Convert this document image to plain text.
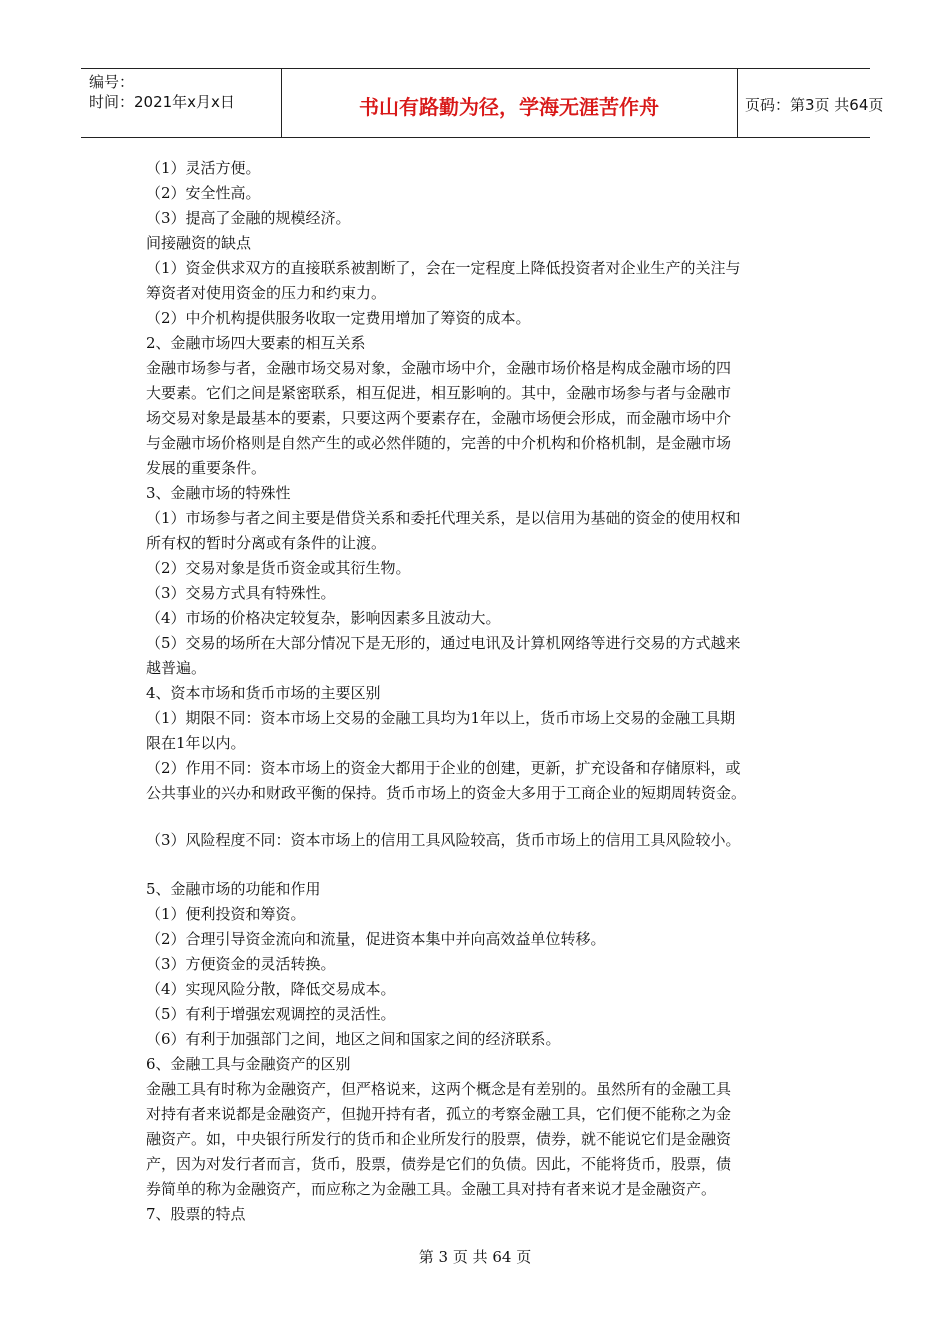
编号：
时间：2021年x月x日	书山有路勤为径，学海无涯苦作舟	页码：第3页 共64页
（1）灵活方便。
（2）安全性高。
（3）提高了金融的规模经济。
间接融资的缺点
（1）资金供求双方的直接联系被割断了，会在一定程度上降低投资者对企业生产的关注与
筹资者对使用资金的压力和约束力。
（2）中介机构提供服务收取一定费用增加了筹资的成本。
2、金融市场四大要素的相互关系
金融市场参与者，金融市场交易对象，金融市场中介，金融市场价格是构成金融市场的四
大要素。它们之间是紧密联系，相互促进，相互影响的。其中，金融市场参与者与金融市
场交易对象是最基本的要素，只要这两个要素存在，金融市场便会形成，而金融市场中介
与金融市场价格则是自然产生的或必然伴随的，完善的中介机构和价格机制，是金融市场
发展的重要条件。
3、金融市场的特殊性
（1）市场参与者之间主要是借贷关系和委托代理关系，是以信用为基础的资金的使用权和
所有权的暂时分离或有条件的让渡。
（2）交易对象是货币资金或其衍生物。
（3）交易方式具有特殊性。
（4）市场的价格决定较复杂，影响因素多且波动大。
（5）交易的场所在大部分情况下是无形的，通过电讯及计算机网络等进行交易的方式越来
越普遍。
4、资本市场和货币市场的主要区别
（1）期限不同：资本市场上交易的金融工具均为1年以上，货币市场上交易的金融工具期
限在1年以内。
（2）作用不同：资本市场上的资金大都用于企业的创建，更新，扩充设备和存储原料，或
公共事业的兴办和财政平衡的保持。货币市场上的资金大多用于工商企业的短期周转资金。
（3）风险程度不同：资本市场上的信用工具风险较高，货币市场上的信用工具风险较小。
5、金融市场的功能和作用
（1）便利投资和筹资。
（2）合理引导资金流向和流量，促进资本集中并向高效益单位转移。
（3）方便资金的灵活转换。
（4）实现风险分散，降低交易成本。
（5）有利于增强宏观调控的灵活性。
（6）有利于加强部门之间，地区之间和国家之间的经济联系。
6、金融工具与金融资产的区别
金融工具有时称为金融资产，但严格说来，这两个概念是有差别的。虽然所有的金融工具
对持有者来说都是金融资产，但抛开持有者，孤立的考察金融工具，它们便不能称之为金
融资产。如，中央银行所发行的货币和企业所发行的股票，债券，就不能说它们是金融资
产，因为对发行者而言，货币，股票，债券是它们的负债。因此，不能将货币，股票，债
券简单的称为金融资产，而应称之为金融工具。金融工具对持有者来说才是金融资产。
7、股票的特点
第 3 页 共 64 页
